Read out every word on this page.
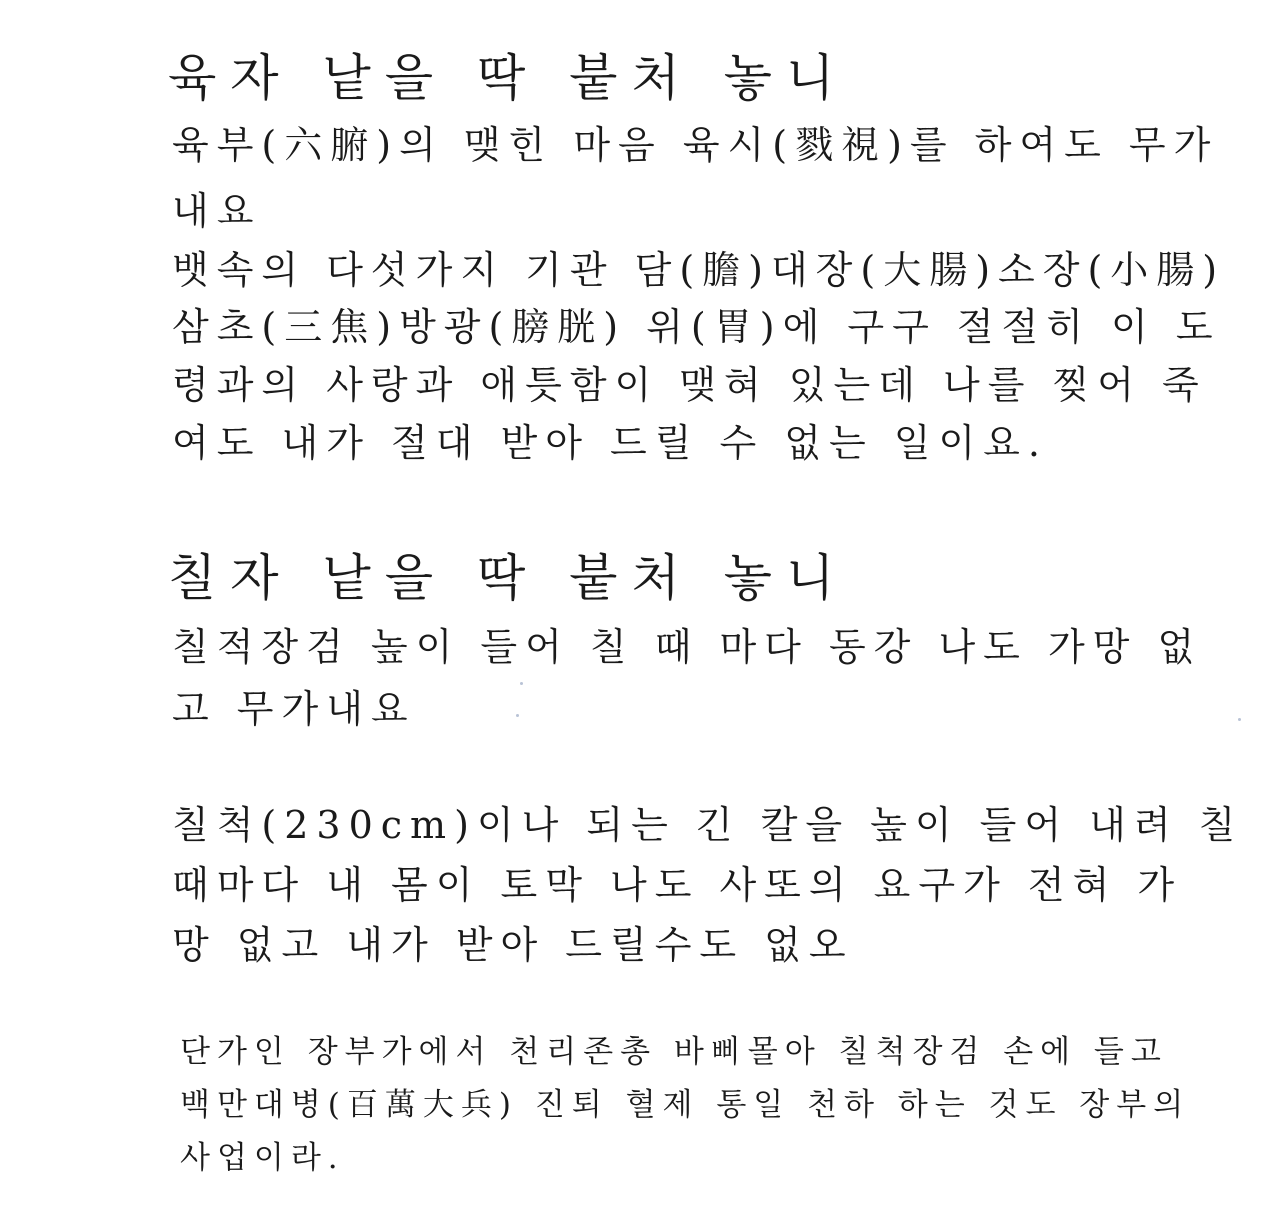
육자 낱을 딱 붙처 놓니

육부(六腑)의 맺힌 마음 육시(戮視)를 하여도 무가

내요

뱃속의 다섯가지 기관 담(膽)대장(大腸)소장(小腸)

삼초(三焦)방광(膀胱) 위(胃)에 구구 절절히 이 도

령과의 사랑과 애틋함이 맺혀 있는데 나를 찢어 죽

여도 내가 절대 받아 드릴 수 없는 일이요.

칠자 낱을 딱 붙처 놓니

칠적장검 높이 들어 칠 때 마다 동강 나도 가망 없

고 무가내요

칠척(230cm)이나 되는 긴 칼을 높이 들어 내려 칠

때마다 내 몸이 토막 나도 사또의 요구가 전혀 가

망 없고 내가 받아 드릴수도 없오

단가인 장부가에서 천리존총 바삐몰아 칠척장검 손에 들고

백만대병(百萬大兵) 진퇴 혈제 통일 천하 하는 것도 장부의

사업이라.
